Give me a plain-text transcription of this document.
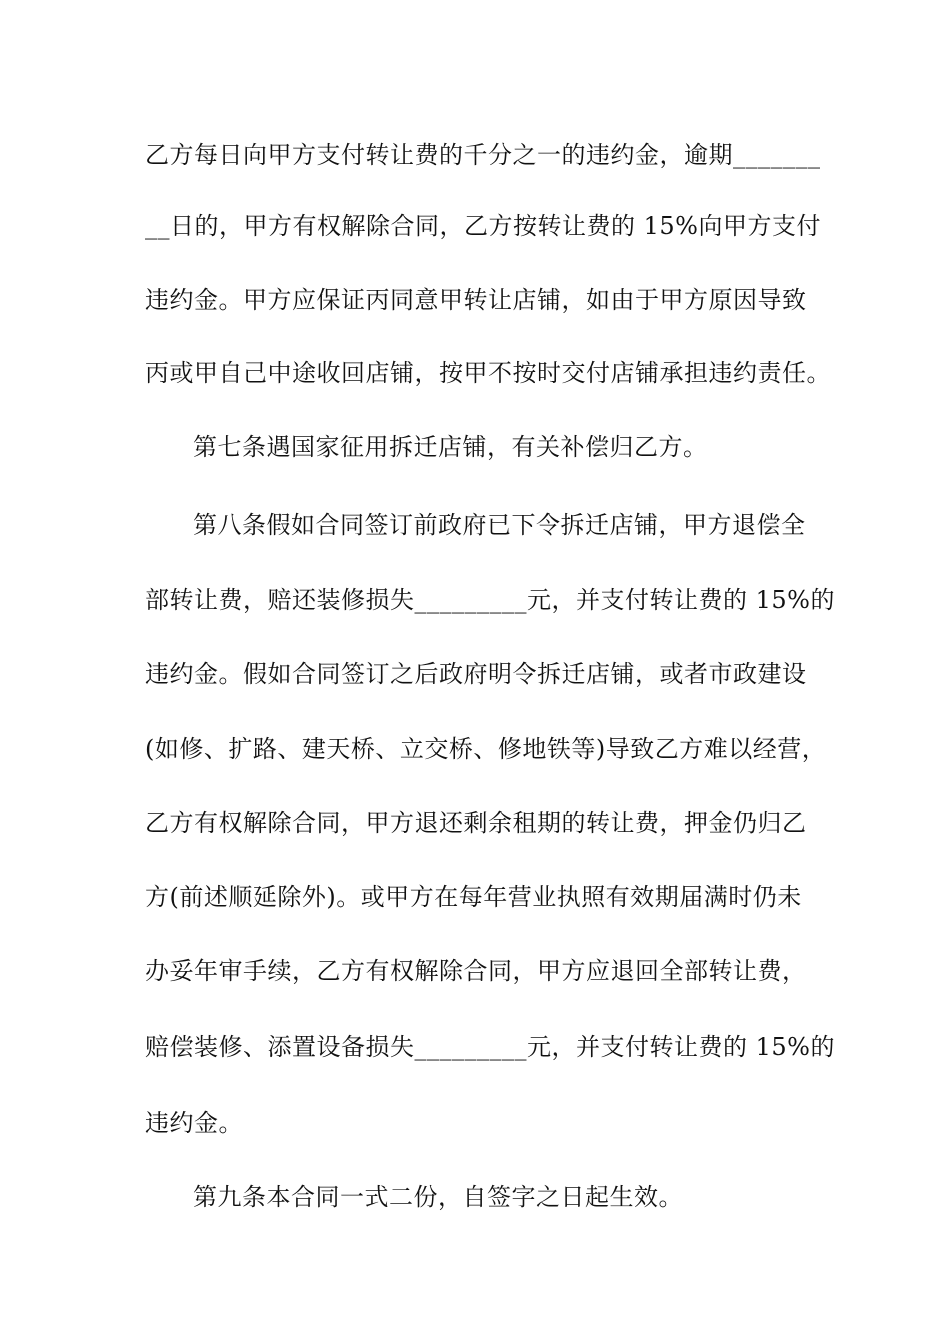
乙方每日向甲方支付转让费的千分之一的违约金，逾期_______
__日的，甲方有权解除合同，乙方按转让费的 15%向甲方支付
违约金。甲方应保证丙同意甲转让店铺，如由于甲方原因导致
丙或甲自己中途收回店铺，按甲不按时交付店铺承担违约责任。
第七条遇国家征用拆迁店铺，有关补偿归乙方。
第八条假如合同签订前政府已下令拆迁店铺，甲方退偿全
部转让费，赔还装修损失_________元，并支付转让费的 15%的
违约金。假如合同签订之后政府明令拆迁店铺，或者市政建设
(如修、扩路、建天桥、立交桥、修地铁等)导致乙方难以经营，
乙方有权解除合同，甲方退还剩余租期的转让费，押金仍归乙
方(前述顺延除外)。或甲方在每年营业执照有效期届满时仍未
办妥年审手续，乙方有权解除合同，甲方应退回全部转让费，
赔偿装修、添置设备损失_________元，并支付转让费的 15%的
违约金。
第九条本合同一式二份，自签字之日起生效。
